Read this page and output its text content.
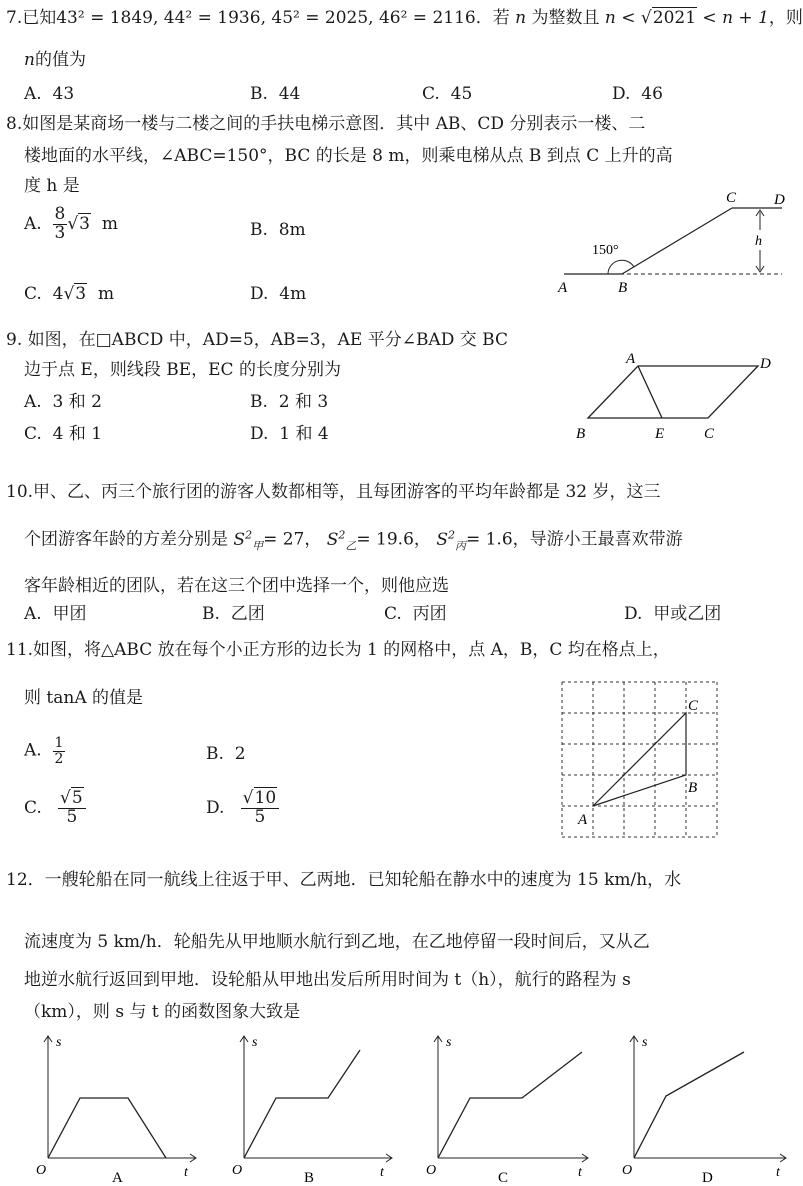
7.已知43² = 1849, 44² = 1936, 45² = 2025, 46² = 2116．若 n 为整数且 n < √2021 < n + 1，则
n的值为
A. 43	B. 44	C. 45	D. 46
8.如图是某商场一楼与二楼之间的手扶电梯示意图．其中 AB、CD 分别表示一楼、二
楼地面的水平线，∠ABC=150°，BC 的长是 8 m，则乘电梯从点 B 到点 C 上升的高
度 h 是
A. $\frac{8}{3} √3$ m	B. 8m
C. 4√3 m	D. 4m	A	B
C	D
h
150°
9. 如图，在□ABCD 中，AD=5，AB=3，AE 平分∠BAD 交 BC
边于点 E，则线段 BE，EC 的长度分别为
A. 3 和 2	B. 2 和 3
C. 4 和 1	D. 1 和 4
A	D
B	E	C
10.甲、乙、丙三个旅行团的游客人数都相等，且每团游客的平均年龄都是 32 岁，这三
个团游客年龄的方差分别是 $S^2_甲= 27$， $S^2_乙= 19.6$， $S^2_丙= 1.6$，导游小王最喜欢带游
客年龄相近的团队，若在这三个团中选择一个，则他应选
A. 甲团	B. 乙团	C. 丙团	D. 甲或乙团
11.如图，将△ABC 放在每个小正方形的边长为 1 的网格中，点 A，B，C 均在格点上，
则 tanA 的值是
A. $\frac{1}{2}$	B. 2
C. $\frac{√5}{5}$	D. $\frac{√10}{5}$	A
B
C
12．一艘轮船在同一航线上往返于甲、乙两地．已知轮船在静水中的速度为 15 km/h，水
流速度为 5 km/h．轮船先从甲地顺水航行到乙地，在乙地停留一段时间后，又从乙
地逆水航行返回到甲地．设轮船从甲地出发后所用时间为 t（h），航行的路程为 s
（km），则 s 与 t 的函数图象大致是
s
t
O	A
s
t
O	B
s
t
O	C
s
t
O	D
